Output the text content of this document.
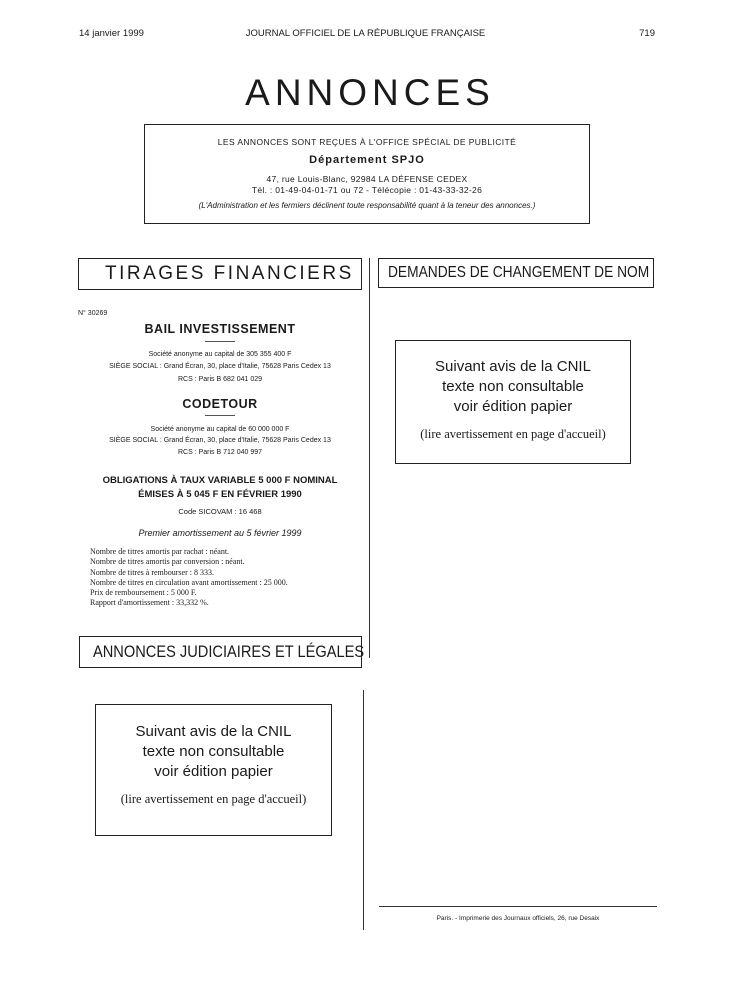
14 janvier 1999	JOURNAL OFFICIEL DE LA RÉPUBLIQUE FRANÇAISE	719
ANNONCES
LES ANNONCES SONT REÇUES À L'OFFICE SPÉCIAL DE PUBLICITÉ
Département SPJO
47, rue Louis-Blanc, 92984 LA DÉFENSE CEDEX
Tél. : 01-49-04-01-71 ou 72 - Télécopie : 01-43-33-32-26
(L'Administration et les fermiers déclinent toute responsabilité quant à la teneur des annonces.)
TIRAGES FINANCIERS DEMANDES DE CHANGEMENT DE NOM
ANNONCES JUDICIAIRES ET LÉGALES
N° 30269
BAIL INVESTISSEMENT
Société anonyme au capital de 305 355 400 F
SIÈGE SOCIAL : Grand Écran, 30, place d'Italie, 75628 Paris Cedex 13
RCS : Paris B 682 041 029
CODETOUR
Société anonyme au capital de 60 000 000 F
SIÈGE SOCIAL : Grand Écran, 30, place d'Italie, 75628 Paris Cedex 13
RCS : Paris B 712 040 997
OBLIGATIONS À TAUX VARIABLE 5 000 F NOMINAL
ÉMISES À 5 045 F EN FÉVRIER 1990
Code SICOVAM : 16 468
Premier amortissement au 5 février 1999
Nombre de titres amortis par rachat : néant.
Nombre de titres amortis par conversion : néant.
Nombre de titres à rembourser : 8 333.
Nombre de titres en circulation avant amortissement : 25 000.
Prix de remboursement : 5 000 F.
Rapport d'amortissement : 33,332 %.
Suivant avis de la CNIL
texte non consultable
voir édition papier
(lire avertissement en page d'accueil)
Suivant avis de la CNIL
texte non consultable
voir édition papier
(lire avertissement en page d'accueil)
Paris. - Imprimerie des Journaux officiels, 26, rue Desaix
